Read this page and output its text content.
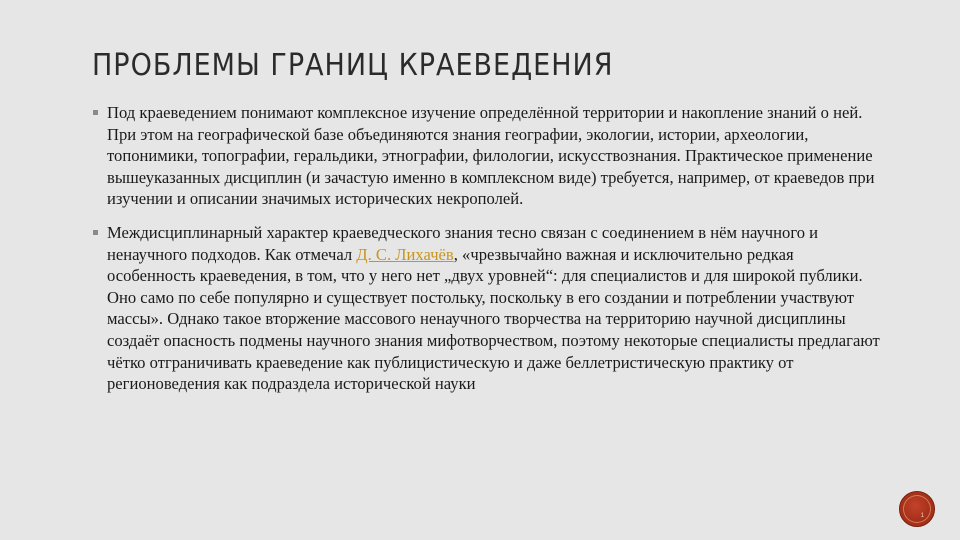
ПРОБЛЕМЫ ГРАНИЦ КРАЕВЕДЕНИЯ
Под краеведением понимают комплексное изучение определённой территории и накопление знаний о ней. При этом на географической базе объединяются знания географии, экологии, истории, археологии, топонимики, топографии, геральдики, этнографии, филологии, искусствознания. Практическое применение вышеуказанных дисциплин (и зачастую именно в комплексном виде) требуется, например, от краеведов при изучении и описании значимых исторических некрополей.
Междисциплинарный характер краеведческого знания тесно связан с соединением в нём научного и ненаучного подходов. Как отмечал Д. С. Лихачёв, «чрезвычайно важная и исключительно редкая особенность краеведения, в том, что у него нет „двух уровней“: для специалистов и для широкой публики. Оно само по себе популярно и существует постольку, поскольку в его создании и потреблении участвуют массы». Однако такое вторжение массового ненаучного творчества на территорию научной дисциплины создаёт опасность подмены научного знания мифотворчеством, поэтому некоторые специалисты предлагают чётко отграничивать краеведение как публицистическую и даже беллетристическую практику от регионоведения как подраздела исторической науки
1
